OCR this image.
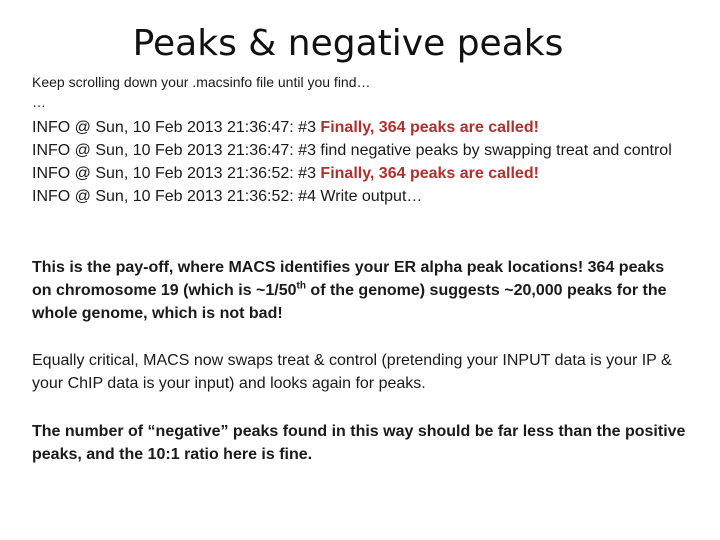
Peaks & negative peaks
Keep scrolling down your .macsinfo file until you find…
…
INFO @ Sun, 10 Feb 2013 21:36:47: #3 Finally, 364 peaks are called!
INFO @ Sun, 10 Feb 2013 21:36:47: #3 find negative peaks by swapping treat and control
INFO @ Sun, 10 Feb 2013 21:36:52: #3 Finally, 364 peaks are called!
INFO @ Sun, 10 Feb 2013 21:36:52: #4 Write output…
This is the pay-off, where MACS identifies your ER alpha peak locations! 364 peaks on chromosome 19 (which is ~1/50th of the genome) suggests ~20,000 peaks for the whole genome, which is not bad!
Equally critical, MACS now swaps treat & control (pretending your INPUT data is your IP & your ChIP data is your input) and looks again for peaks.
The number of “negative” peaks found in this way should be far less than the positive peaks, and the 10:1 ratio here is fine.
